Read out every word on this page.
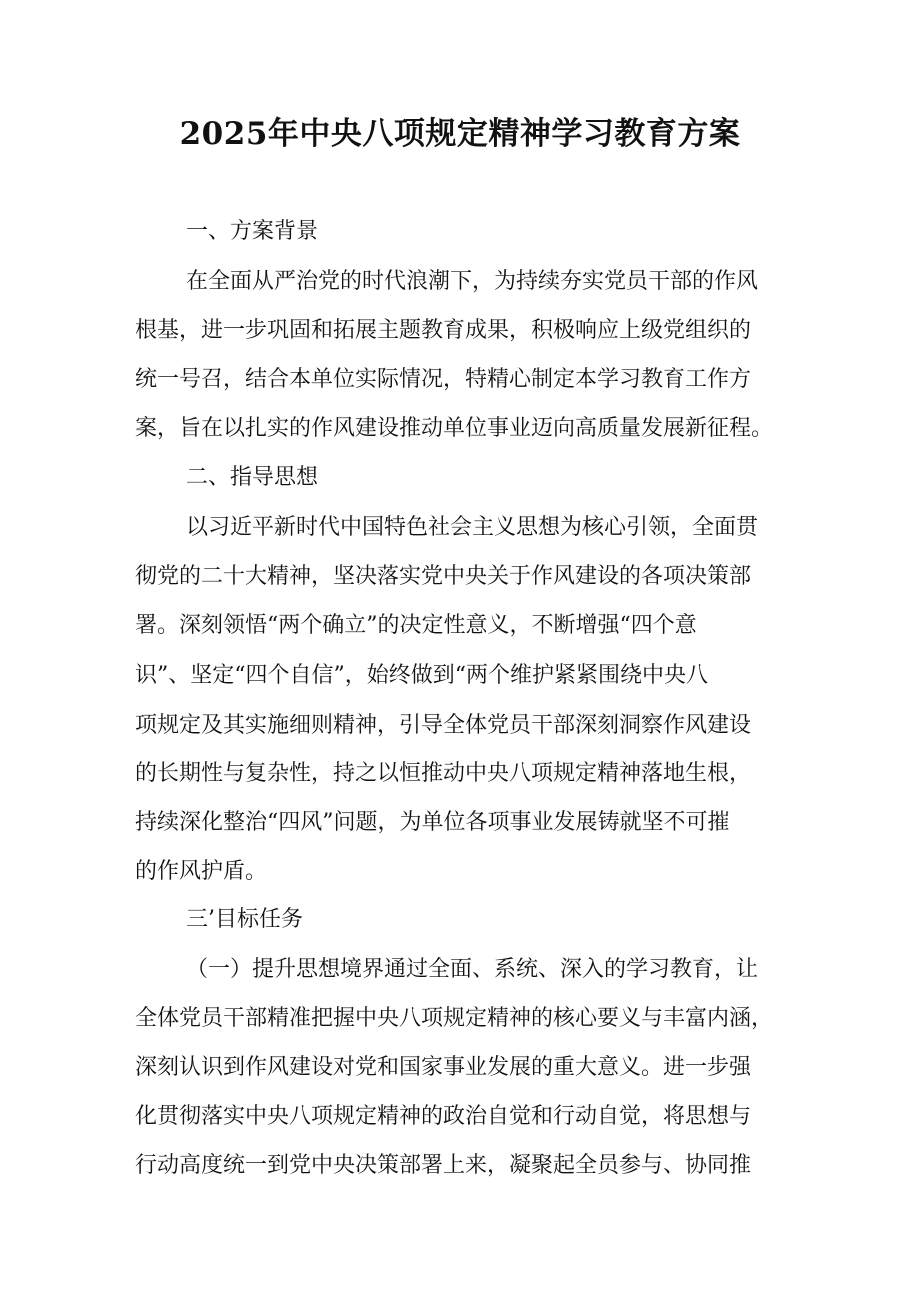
2025年中央八项规定精神学习教育方案
一、方案背景
在全面从严治党的时代浪潮下，为持续夯实党员干部的作风
根基，进一步巩固和拓展主题教育成果，积极响应上级党组织的
统一号召，结合本单位实际情况，特精心制定本学习教育工作方
案，旨在以扎实的作风建设推动单位事业迈向高质量发展新征程。
二、指导思想
以习近平新时代中国特色社会主义思想为核心引领，全面贯
彻党的二十大精神，坚决落实党中央关于作风建设的各项决策部
署。深刻领悟“两个确立”的决定性意义，不断增强“四个意
识”、坚定“四个自信”，始终做到“两个维护紧紧围绕中央八
项规定及其实施细则精神，引导全体党员干部深刻洞察作风建设
的长期性与复杂性，持之以恒推动中央八项规定精神落地生根，
持续深化整治“四风”问题，为单位各项事业发展铸就坚不可摧
的作风护盾。
三’目标任务
（一）提升思想境界通过全面、系统、深入的学习教育，让
全体党员干部精准把握中央八项规定精神的核心要义与丰富内涵，
深刻认识到作风建设对党和国家事业发展的重大意义。进一步强
化贯彻落实中央八项规定精神的政治自觉和行动自觉，将思想与
行动高度统一到党中央决策部署上来，凝聚起全员参与、协同推
